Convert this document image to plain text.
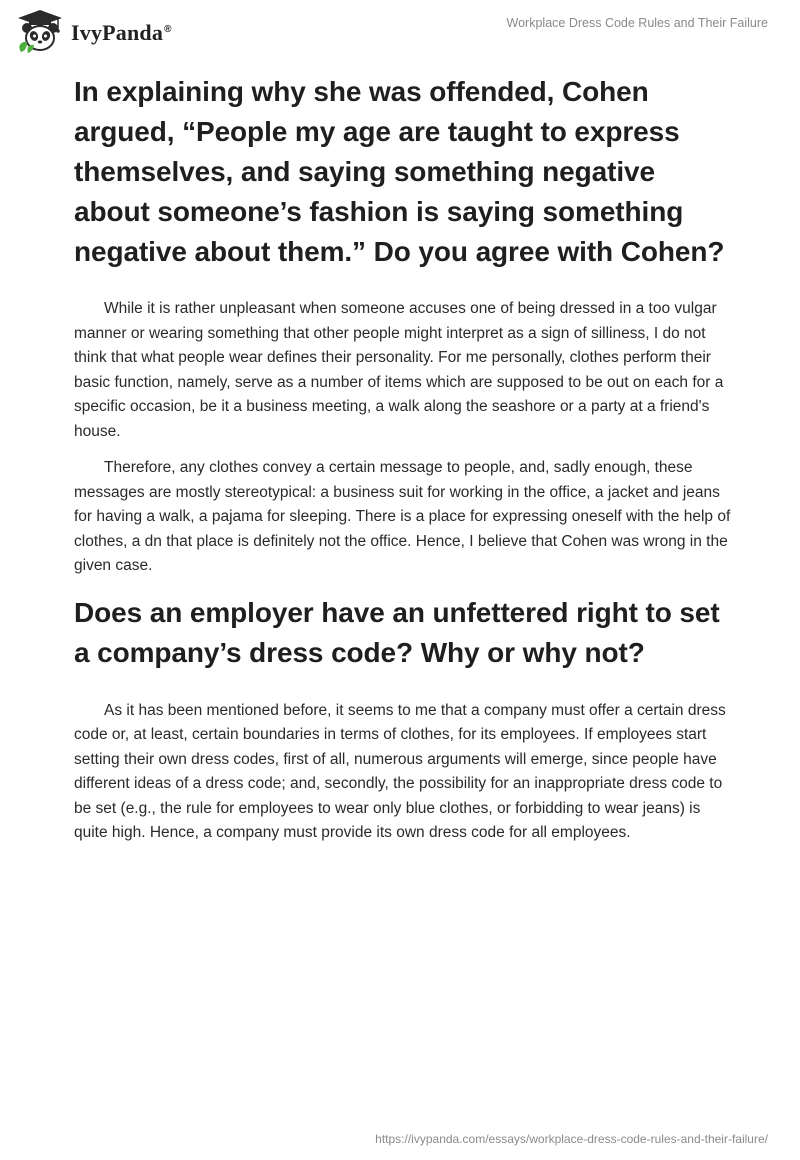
IvyPanda®	Workplace Dress Code Rules and Their Failure
In explaining why she was offended, Cohen argued, “People my age are taught to express themselves, and saying something negative about someone’s fashion is saying something negative about them.” Do you agree with Cohen?

While it is rather unpleasant when someone accuses one of being dressed in a too vulgar manner or wearing something that other people might interpret as a sign of silliness, I do not think that what people wear defines their personality. For me personally, clothes perform their basic function, namely, serve as a number of items which are supposed to be out on each for a specific occasion, be it a business meeting, a walk along the seashore or a party at a friend's house.

Therefore, any clothes convey a certain message to people, and, sadly enough, these messages are mostly stereotypical: a business suit for working in the office, a jacket and jeans for having a walk, a pajama for sleeping. There is a place for expressing oneself with the help of clothes, a dn that place is definitely not the office. Hence, I believe that Cohen was wrong in the given case.

Does an employer have an unfettered right to set a company’s dress code? Why or why not?

As it has been mentioned before, it seems to me that a company must offer a certain dress code or, at least, certain boundaries in terms of clothes, for its employees. If employees start setting their own dress codes, first of all, numerous arguments will emerge, since people have different ideas of a dress code; and, secondly, the possibility for an inappropriate dress code to be set (e.g., the rule for employees to wear only blue clothes, or forbidding to wear jeans) is quite high. Hence, a company must provide its own dress code for all employees.

https://ivypanda.com/essays/workplace-dress-code-rules-and-their-failure/
